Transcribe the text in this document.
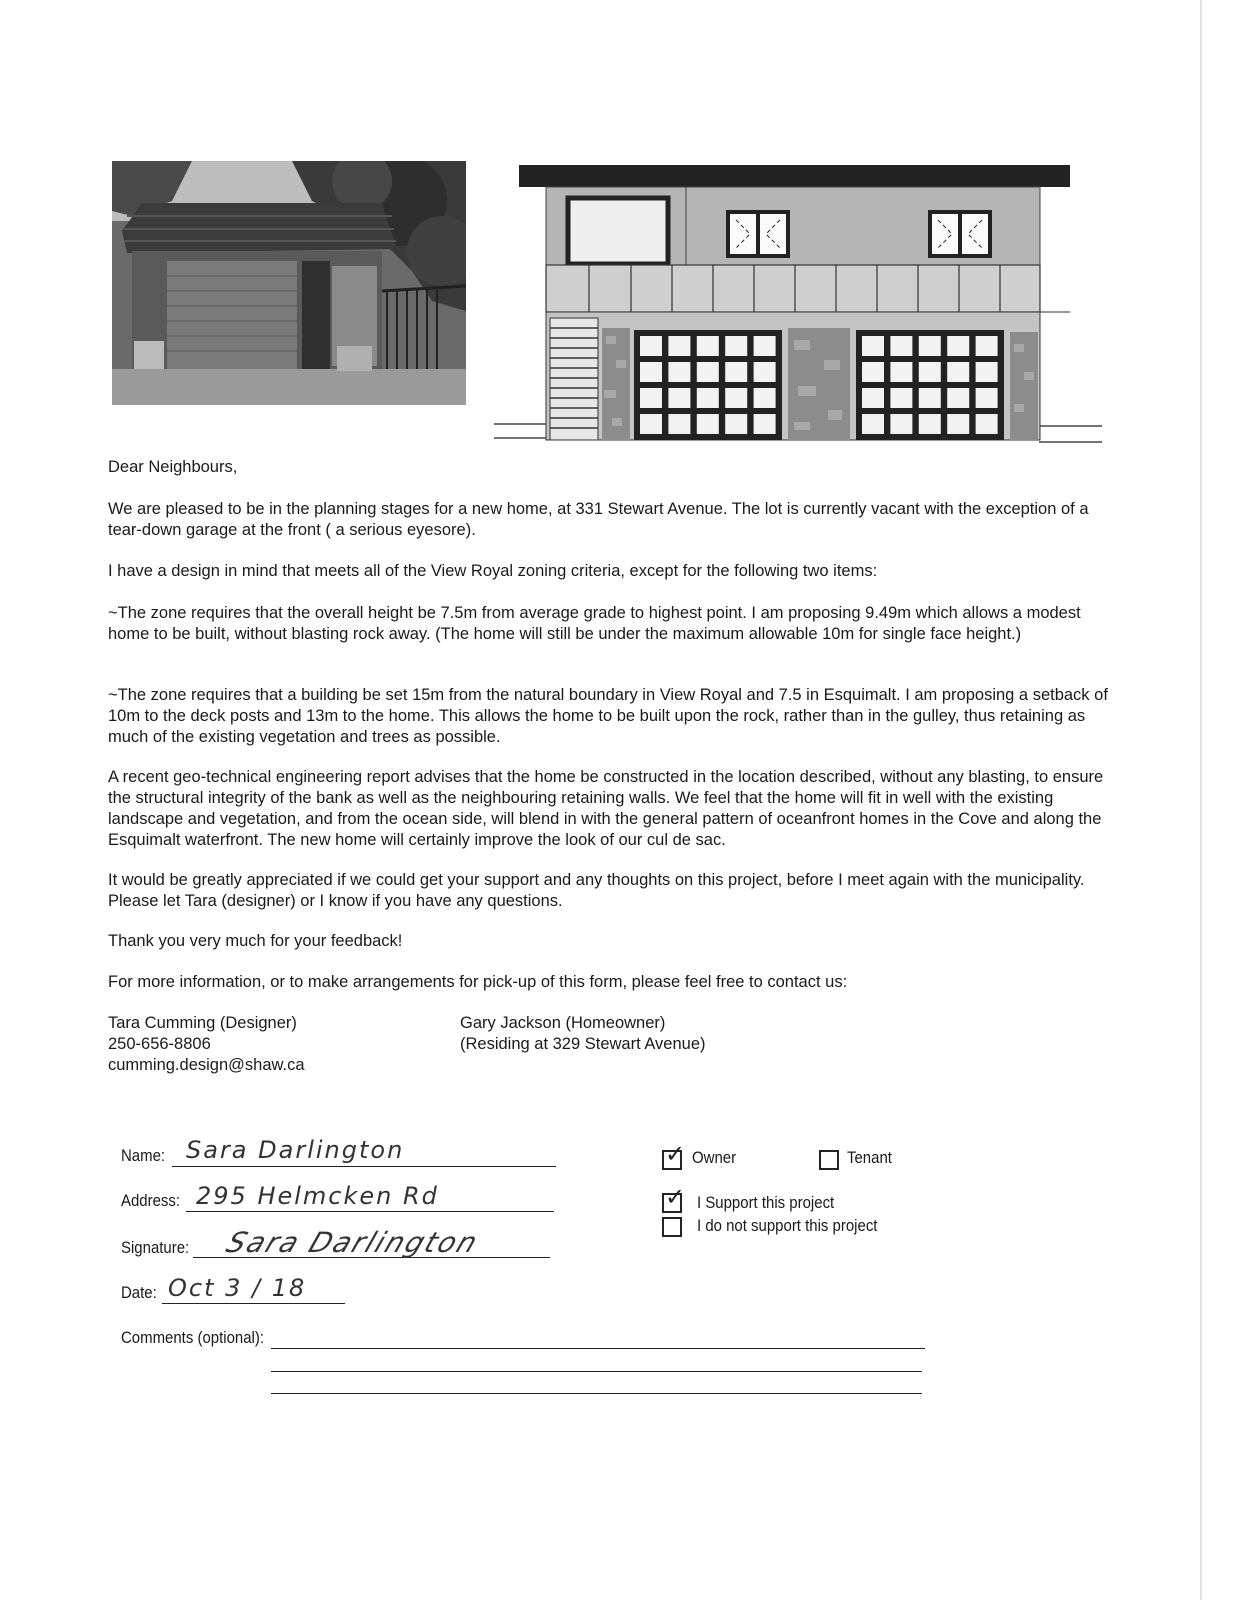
Dear Neighbours,

We are pleased to be in the planning stages for a new home, at 331 Stewart Avenue. The lot is currently vacant with the exception of a tear-down garage at the front ( a serious eyesore).

I have a design in mind that meets all of the View Royal zoning criteria, except for the following two items:

~The zone requires that the overall height be 7.5m from average grade to highest point. I am proposing 9.49m which allows a modest home to be built, without blasting rock away. (The home will still be under the maximum allowable 10m for single face height.)

~The zone requires that a building be set 15m from the natural boundary in View Royal and 7.5 in Esquimalt. I am proposing a setback of 10m to the deck posts and 13m to the home. This allows the home to be built upon the rock, rather than in the gulley, thus retaining as much of the existing vegetation and trees as possible.

A recent geo-technical engineering report advises that the home be constructed in the location described, without any blasting, to ensure the structural integrity of the bank as well as the neighbouring retaining walls. We feel that the home will fit in well with the existing landscape and vegetation, and from the ocean side, will blend in with the general pattern of oceanfront homes in the Cove and along the Esquimalt waterfront. The new home will certainly improve the look of our cul de sac.

It would be greatly appreciated if we could get your support and any thoughts on this project, before I meet again with the municipality. Please let Tara (designer) or I know if you have any questions.

Thank you very much for your feedback!

For more information, or to make arrangements for pick-up of this form, please feel free to contact us:

Tara Cumming (Designer)
250-656-8806
cumming.design@shaw.ca
Gary Jackson (Homeowner)
(Residing at 329 Stewart Avenue)
Name: Sara Darlington
Address: 295 Helmcken Rd
Signature: Sara Darlington
Date: Oct 3 / 18
Comments (optional):
✓ Owner	Tenant
✓ I Support this project
I do not support this project
